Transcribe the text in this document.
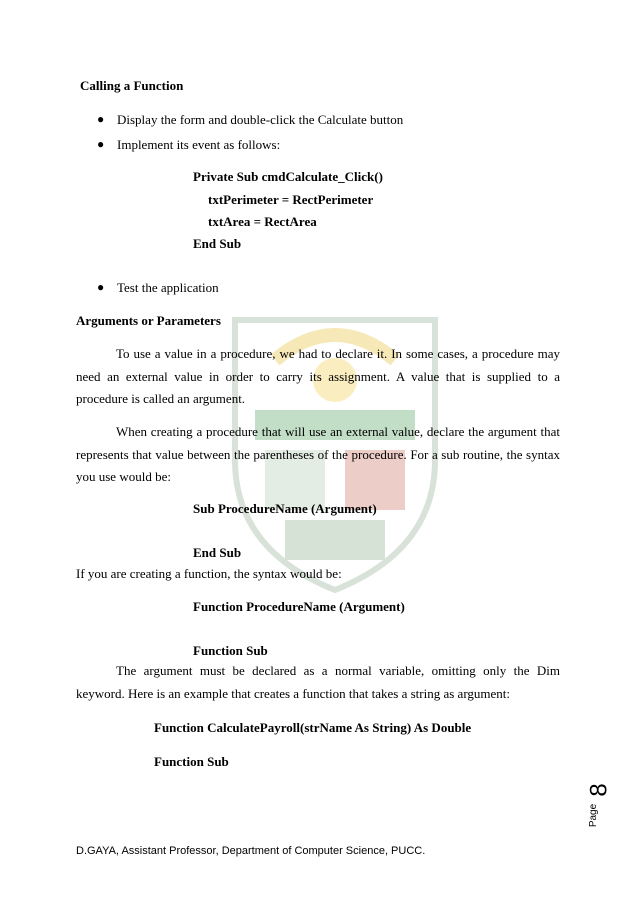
Calling a Function
● Display the form and double-click the Calculate button
● Implement its event as follows:
Private Sub cmdCalculate_Click()
txtPerimeter = RectPerimeter
txtArea = RectArea
End Sub
● Test the application
Arguments or Parameters
To use a value in a procedure, we had to declare it. In some cases, a procedure may need an external value in order to carry its assignment. A value that is supplied to a procedure is called an argument.
When creating a procedure that will use an external value, declare the argument that represents that value between the parentheses of the procedure. For a sub routine, the syntax you use would be:
Sub ProcedureName (Argument)
End Sub
If you are creating a function, the syntax would be:
Function ProcedureName (Argument)
Function Sub
The argument must be declared as a normal variable, omitting only the Dim keyword. Here is an example that creates a function that takes a string as argument:
Function CalculatePayroll(strName As String) As Double
Function Sub
8
Page
D.GAYA, Assistant Professor, Department of Computer Science, PUCC.
